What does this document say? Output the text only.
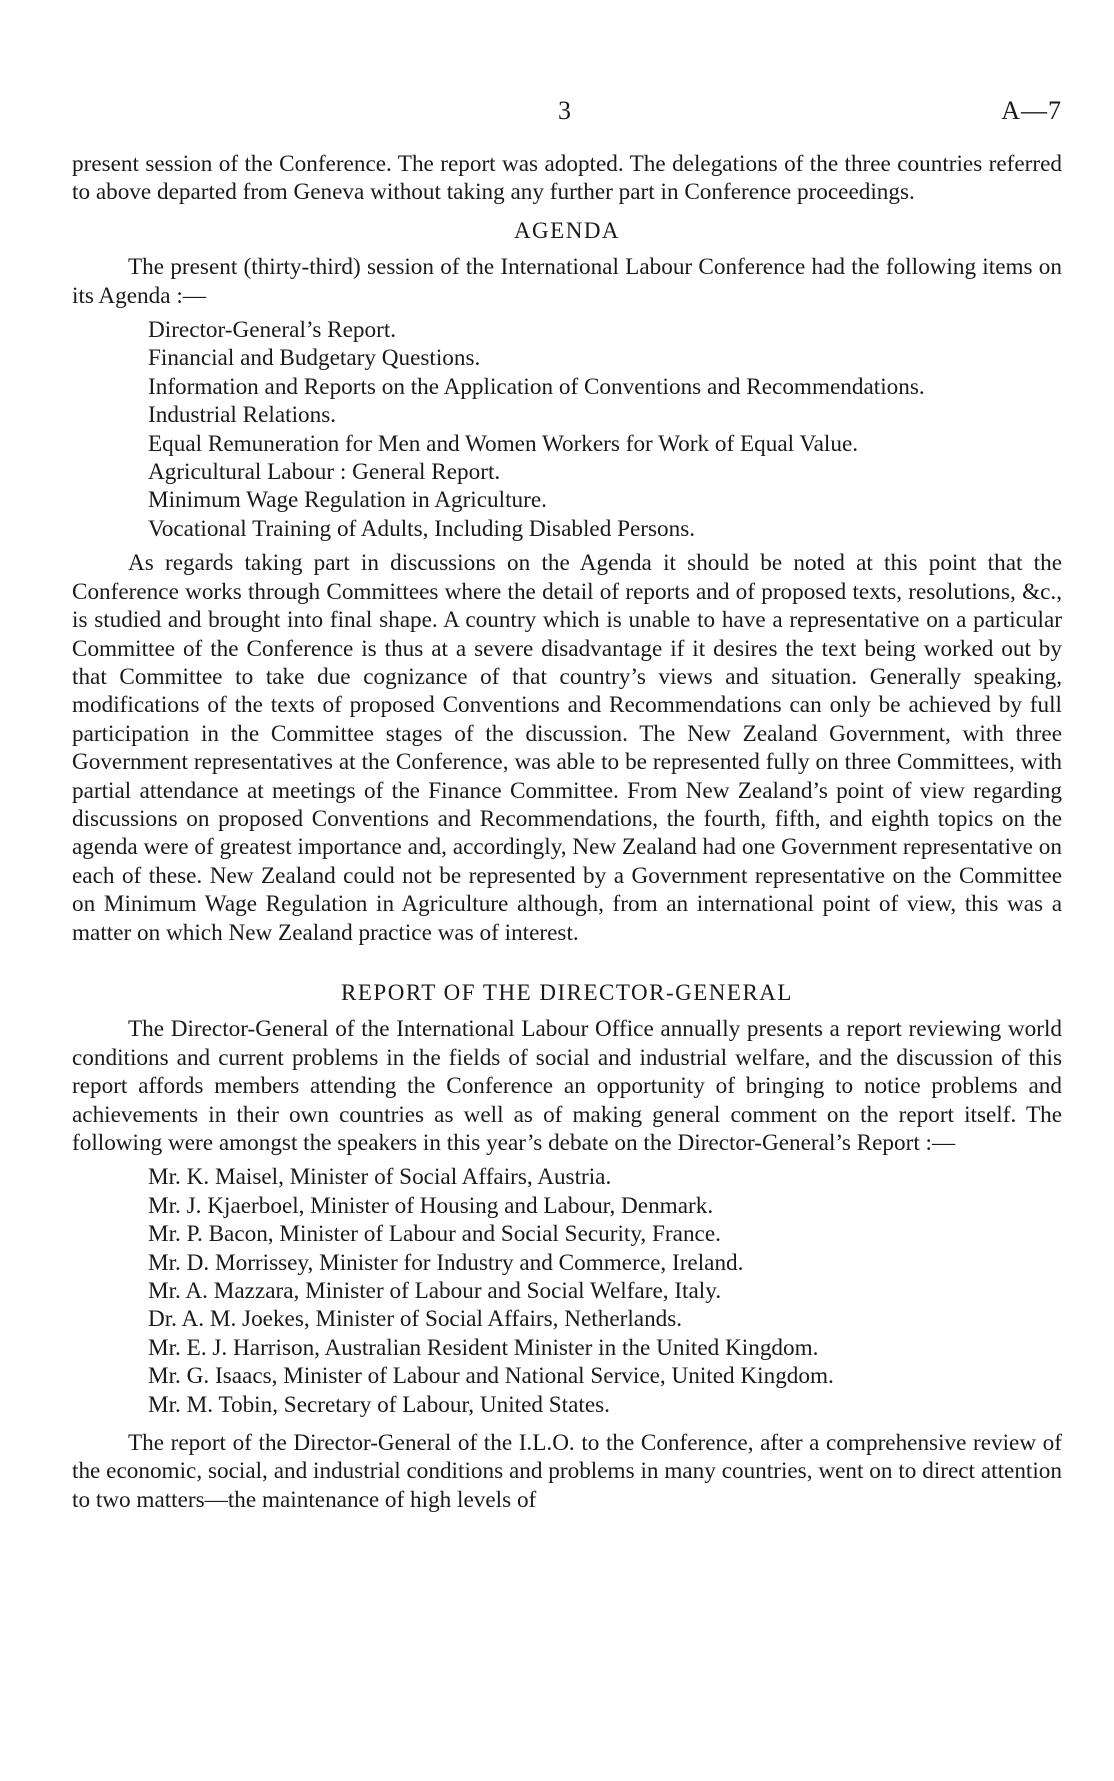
3	A—7

present session of the Conference. The report was adopted. The delegations of the three countries referred to above departed from Geneva without taking any further part in Conference proceedings.

AGENDA

The present (thirty-third) session of the International Labour Conference had the following items on its Agenda :—

Director-General’s Report.
Financial and Budgetary Questions.
Information and Reports on the Application of Conventions and Recommendations.
Industrial Relations.
Equal Remuneration for Men and Women Workers for Work of Equal Value.
Agricultural Labour : General Report.
Minimum Wage Regulation in Agriculture.
Vocational Training of Adults, Including Disabled Persons.

As regards taking part in discussions on the Agenda it should be noted at this point that the Conference works through Committees where the detail of reports and of proposed texts, resolutions, &c., is studied and brought into final shape. A country which is unable to have a representative on a particular Committee of the Conference is thus at a severe disadvantage if it desires the text being worked out by that Committee to take due cognizance of that country’s views and situation. Generally speaking, modifications of the texts of proposed Conventions and Recommendations can only be achieved by full participation in the Committee stages of the discussion. The New Zealand Government, with three Government representatives at the Conference, was able to be represented fully on three Committees, with partial attendance at meetings of the Finance Committee. From New Zealand’s point of view regarding discussions on proposed Conventions and Recommendations, the fourth, fifth, and eighth topics on the agenda were of greatest importance and, accordingly, New Zealand had one Government representative on each of these. New Zealand could not be represented by a Government representative on the Committee on Minimum Wage Regulation in Agriculture although, from an international point of view, this was a matter on which New Zealand practice was of interest.

REPORT OF THE DIRECTOR-GENERAL

The Director-General of the International Labour Office annually presents a report reviewing world conditions and current problems in the fields of social and industrial welfare, and the discussion of this report affords members attending the Conference an opportunity of bringing to notice problems and achievements in their own countries as well as of making general comment on the report itself. The following were amongst the speakers in this year’s debate on the Director-General’s Report :—

Mr. K. Maisel, Minister of Social Affairs, Austria.
Mr. J. Kjaerboel, Minister of Housing and Labour, Denmark.
Mr. P. Bacon, Minister of Labour and Social Security, France.
Mr. D. Morrissey, Minister for Industry and Commerce, Ireland.
Mr. A. Mazzara, Minister of Labour and Social Welfare, Italy.
Dr. A. M. Joekes, Minister of Social Affairs, Netherlands.
Mr. E. J. Harrison, Australian Resident Minister in the United Kingdom.
Mr. G. Isaacs, Minister of Labour and National Service, United Kingdom.
Mr. M. Tobin, Secretary of Labour, United States.

The report of the Director-General of the I.L.O. to the Conference, after a comprehensive review of the economic, social, and industrial conditions and problems in many countries, went on to direct attention to two matters—the maintenance of high levels of
